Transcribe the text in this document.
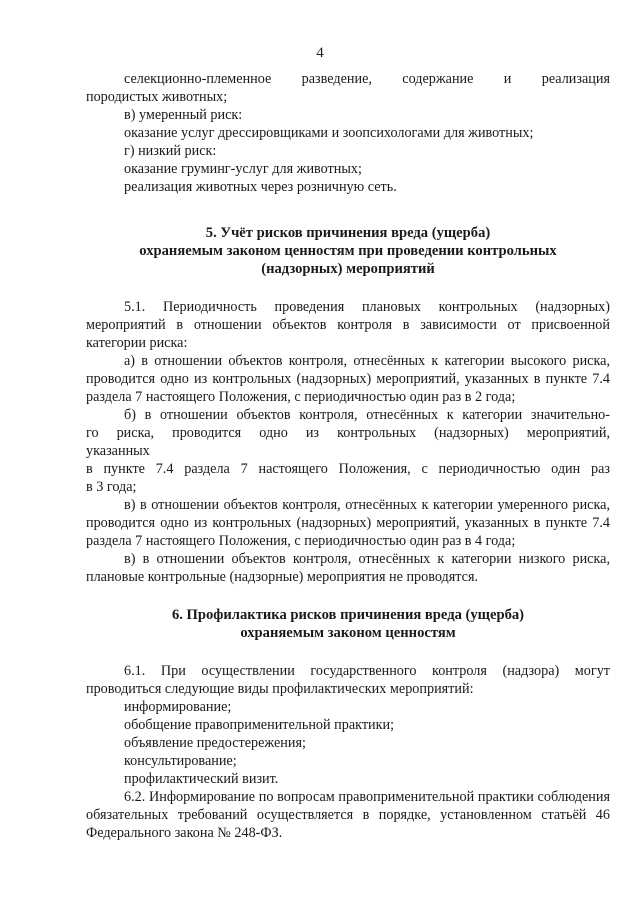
4

селекционно-племенное разведение, содержание и реализация

породистых животных;

в) умеренный риск:

оказание услуг дрессировщиками и зоопсихологами для животных;

г) низкий риск:

оказание груминг-услуг для животных;

реализация животных через розничную сеть.

5. Учёт рисков причинения вреда (ущерба)

охраняемым законом ценностям при проведении контрольных

(надзорных) мероприятий

5.1. Периодичность проведения плановых контрольных (надзорных) мероприятий в отношении объектов контроля в зависимости от присвоенной категории риска:

а) в отношении объектов контроля, отнесённых к категории высокого риска, проводится одно из контрольных (надзорных) мероприятий, указанных в пункте 7.4 раздела 7 настоящего Положения, с периодичностью один раз в 2 года;

б) в отношении объектов контроля, отнесённых к категории значительно-

го риска, проводится одно из контрольных (надзорных) мероприятий,

указанных

в пункте 7.4 раздела 7 настоящего Положения, с периодичностью один раз

в 3 года;

в) в отношении объектов контроля, отнесённых к категории умеренного риска, проводится одно из контрольных (надзорных) мероприятий, указанных в пункте 7.4 раздела 7 настоящего Положения, с периодичностью один раз в 4 года;

в) в отношении объектов контроля, отнесённых к категории низкого риска, плановые контрольные (надзорные) мероприятия не проводятся.

6. Профилактика рисков причинения вреда (ущерба)

охраняемым законом ценностям

6.1. При осуществлении государственного контроля (надзора) могут проводиться следующие виды профилактических мероприятий:

информирование;

обобщение правоприменительной практики;

объявление предостережения;

консультирование;

профилактический визит.

6.2. Информирование по вопросам правоприменительной практики соблюдения обязательных требований осуществляется в порядке, установленном статьёй 46 Федерального закона № 248-ФЗ.
